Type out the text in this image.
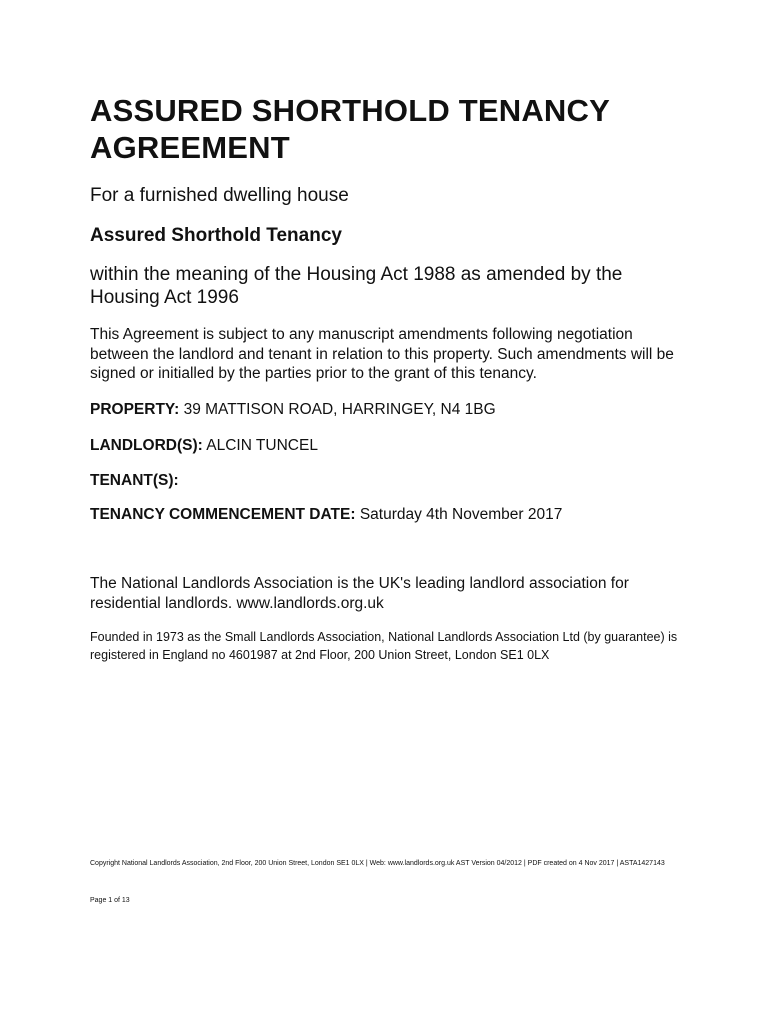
ASSURED SHORTHOLD TENANCY AGREEMENT

For a furnished dwelling house

Assured Shorthold Tenancy

within the meaning of the Housing Act 1988 as amended by the Housing Act 1996

This Agreement is subject to any manuscript amendments following negotiation between the landlord and tenant in relation to this property. Such amendments will be signed or initialled by the parties prior to the grant of this tenancy.

PROPERTY: 39 MATTISON ROAD, HARRINGEY, N4 1BG

LANDLORD(S): ALCIN TUNCEL

TENANT(S):

TENANCY COMMENCEMENT DATE: Saturday 4th November 2017

The National Landlords Association is the UK's leading landlord association for residential landlords. www.landlords.org.uk

Founded in 1973 as the Small Landlords Association, National Landlords Association Ltd (by guarantee) is registered in England no 4601987 at 2nd Floor, 200 Union Street, London SE1 0LX

Copyright National Landlords Association, 2nd Floor, 200 Union Street, London SE1 0LX | Web: www.landlords.org.uk AST Version 04/2012 | PDF created on 4 Nov 2017 | ASTA1427143

Page 1 of 13
